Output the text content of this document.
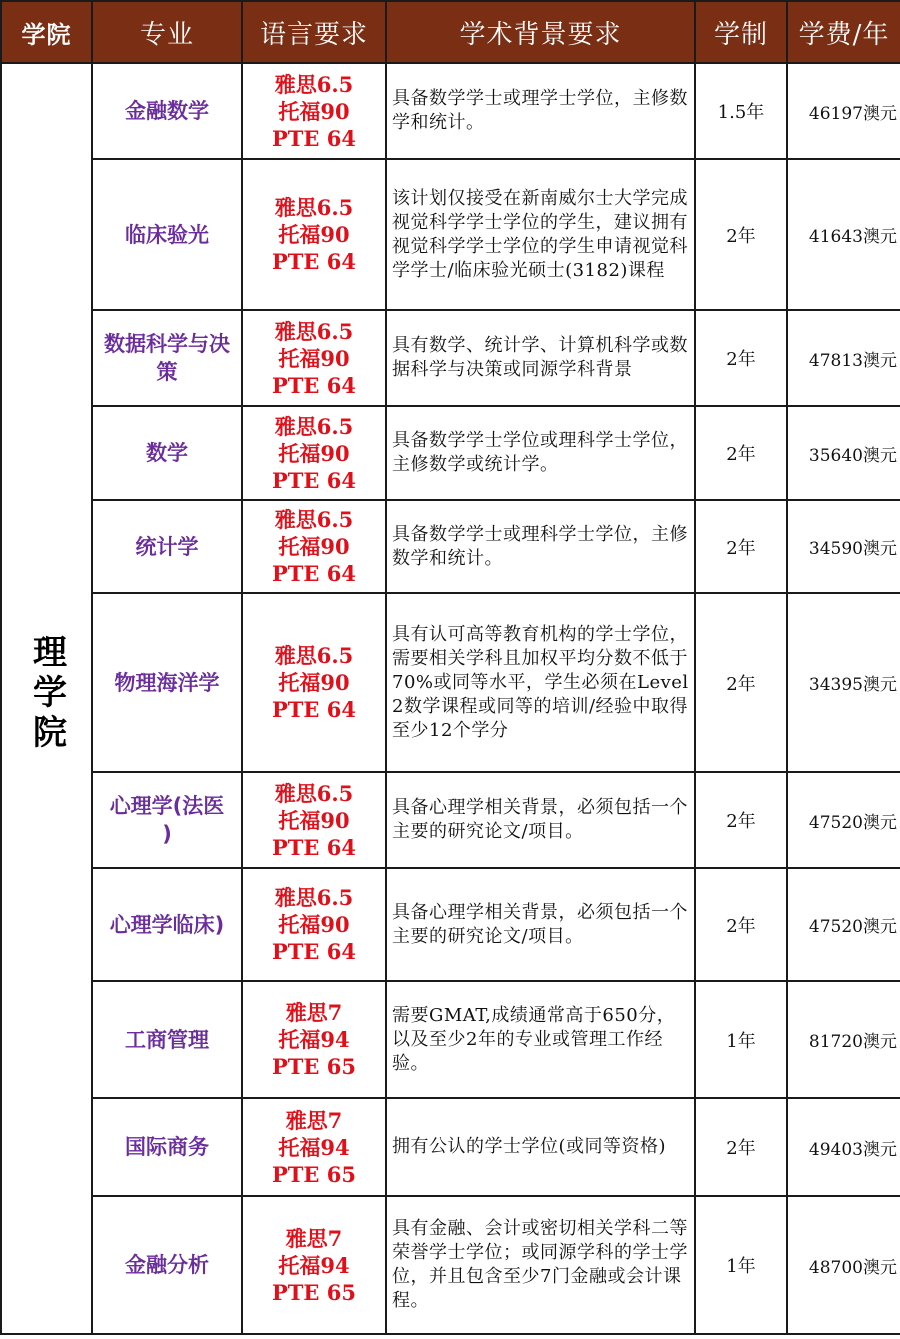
学院	专业	语言要求	学术背景要求	学制	学费/年
理学院	金融数学	雅思6.5
托福90
PTE 64	具备数学学士或理学士学位，主修数学和统计。	1.5年	46197澳元
	临床验光	雅思6.5
托福90
PTE 64	该计划仅接受在新南威尔士大学完成视觉科学学士学位的学生，建议拥有视觉科学学士学位的学生申请视觉科学学士/临床验光硕士(3182)课程	2年	41643澳元
	数据科学与决策	雅思6.5
托福90
PTE 64	具有数学、统计学、计算机科学或数据科学与决策或同源学科背景	2年	47813澳元
	数学	雅思6.5
托福90
PTE 64	具备数学学士学位或理科学士学位，主修数学或统计学。	2年	35640澳元
	统计学	雅思6.5
托福90
PTE 64	具备数学学士或理科学士学位，主修数学和统计。	2年	34590澳元
	物理海洋学	雅思6.5
托福90
PTE 64	具有认可高等教育机构的学士学位，需要相关学科且加权平均分数不低于70%或同等水平，学生必须在Level 2数学课程或同等的培训/经验中取得至少12个学分	2年	34395澳元
	心理学(法医 )	雅思6.5
托福90
PTE 64	具备心理学相关背景，必须包括一个主要的研究论文/项目。	2年	47520澳元
	心理学临床)	雅思6.5
托福90
PTE 64	具备心理学相关背景，必须包括一个主要的研究论文/项目。	2年	47520澳元
	工商管理	雅思7
托福94
PTE 65	需要GMAT,成绩通常高于650分，以及至少2年的专业或管理工作经验。	1年	81720澳元
	国际商务	雅思7
托福94
PTE 65	拥有公认的学士学位(或同等资格)	2年	49403澳元
	金融分析	雅思7
托福94
PTE 65	具有金融、会计或密切相关学科二等荣誉学士学位；或同源学科的学士学位，并且包含至少7门金融或会计课程。	1年	48700澳元
